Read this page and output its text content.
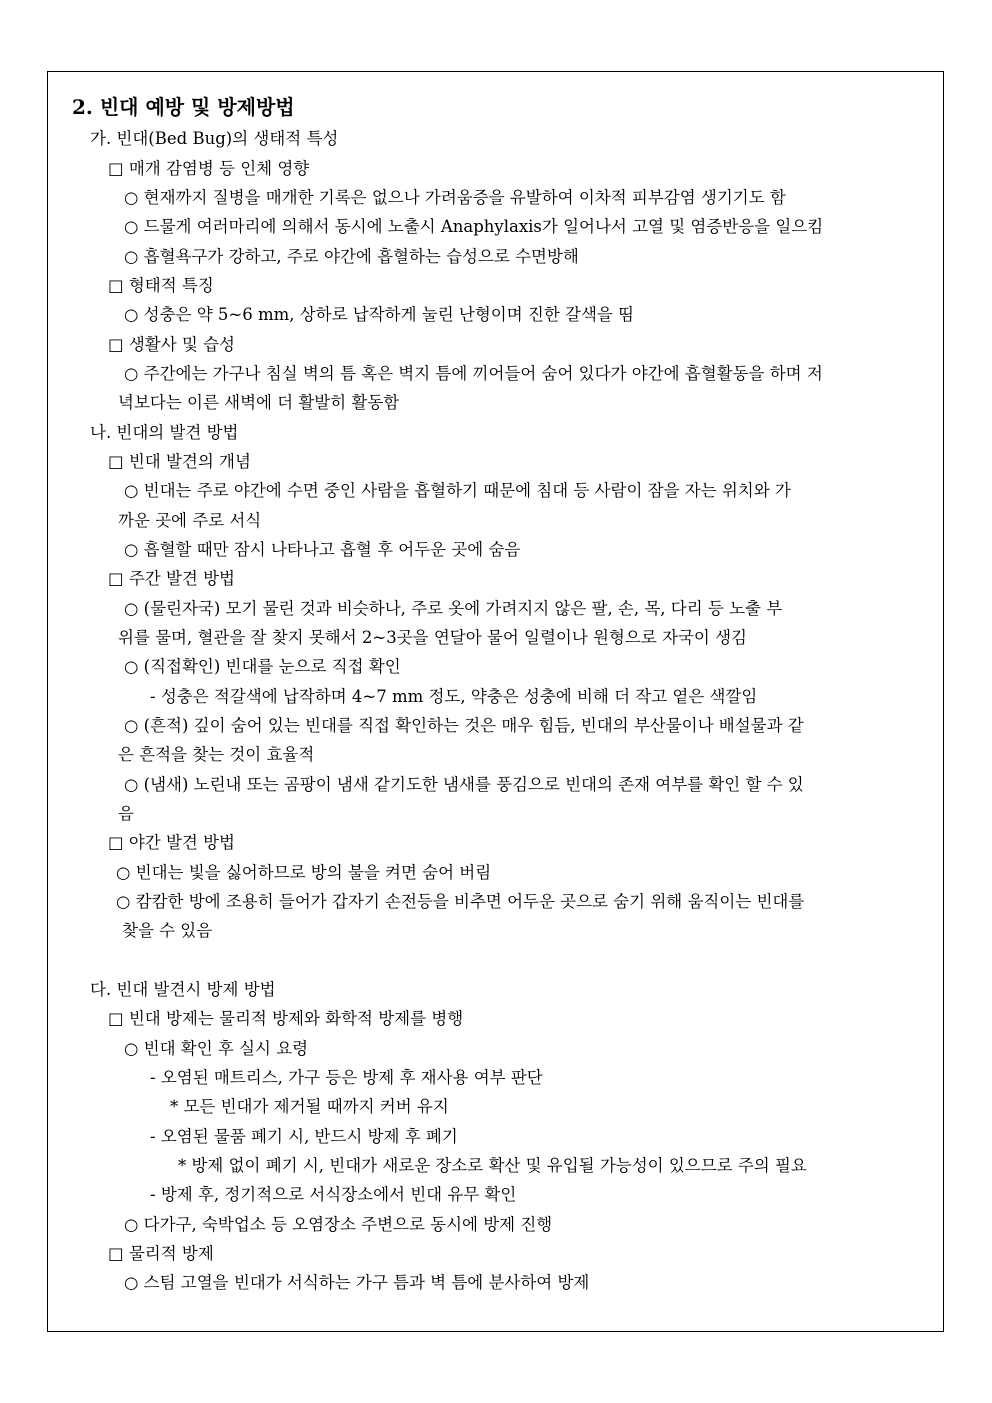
2. 빈대 예방 및 방제방법
가. 빈대(Bed Bug)의 생태적 특성
□ 매개 감염병 등 인체 영향
○ 현재까지 질병을 매개한 기록은 없으나 가려움증을 유발하여 이차적 피부감염 생기기도 함
○ 드물게 여러마리에 의해서 동시에 노출시 Anaphylaxis가 일어나서 고열 및 염증반응을 일으킴
○ 흡혈욕구가 강하고, 주로 야간에 흡혈하는 습성으로 수면방해
□ 형태적 특징
○ 성충은 약 5~6 mm, 상하로 납작하게 눌린 난형이며 진한 갈색을 띰
□ 생활사 및 습성
○ 주간에는 가구나 침실 벽의 틈 혹은 벽지 틈에 끼어들어 숨어 있다가 야간에 흡혈활동을 하며 저
녁보다는 이른 새벽에 더 활발히 활동함
나. 빈대의 발견 방법
□ 빈대 발견의 개념
○ 빈대는 주로 야간에 수면 중인 사람을 흡혈하기 때문에 침대 등 사람이 잠을 자는 위치와 가
까운 곳에 주로 서식
○ 흡혈할 때만 잠시 나타나고 흡혈 후 어두운 곳에 숨음
□ 주간 발견 방법
○ (물린자국) 모기 물린 것과 비슷하나, 주로 옷에 가려지지 않은 팔, 손, 목, 다리 등 노출 부
위를 물며, 혈관을 잘 찾지 못해서 2~3곳을 연달아 물어 일렬이나 원형으로 자국이 생김
○ (직접확인) 빈대를 눈으로 직접 확인
- 성충은 적갈색에 납작하며 4~7 mm 정도, 약충은 성충에 비해 더 작고 옅은 색깔임
○ (흔적) 깊이 숨어 있는 빈대를 직접 확인하는 것은 매우 힘듬, 빈대의 부산물이나 배설물과 같
은 흔적을 찾는 것이 효율적
○ (냄새) 노린내 또는 곰팡이 냄새 같기도한 냄새를 풍김으로 빈대의 존재 여부를 확인 할 수 있
음
□ 야간 발견 방법
○ 빈대는 빛을 싫어하므로 방의 불을 켜면 숨어 버림
○ 캄캄한 방에 조용히 들어가 갑자기 손전등을 비추면 어두운 곳으로 숨기 위해 움직이는 빈대를
찾을 수 있음
다. 빈대 발견시 방제 방법
□ 빈대 방제는 물리적 방제와 화학적 방제를 병행
○ 빈대 확인 후 실시 요령
- 오염된 매트리스, 가구 등은 방제 후 재사용 여부 판단
* 모든 빈대가 제거될 때까지 커버 유지
- 오염된 물품 폐기 시, 반드시 방제 후 폐기
* 방제 없이 폐기 시, 빈대가 새로운 장소로 확산 및 유입될 가능성이 있으므로 주의 필요
- 방제 후, 정기적으로 서식장소에서 빈대 유무 확인
○ 다가구, 숙박업소 등 오염장소 주변으로 동시에 방제 진행
□ 물리적 방제
○ 스팀 고열을 빈대가 서식하는 가구 틈과 벽 틈에 분사하여 방제
